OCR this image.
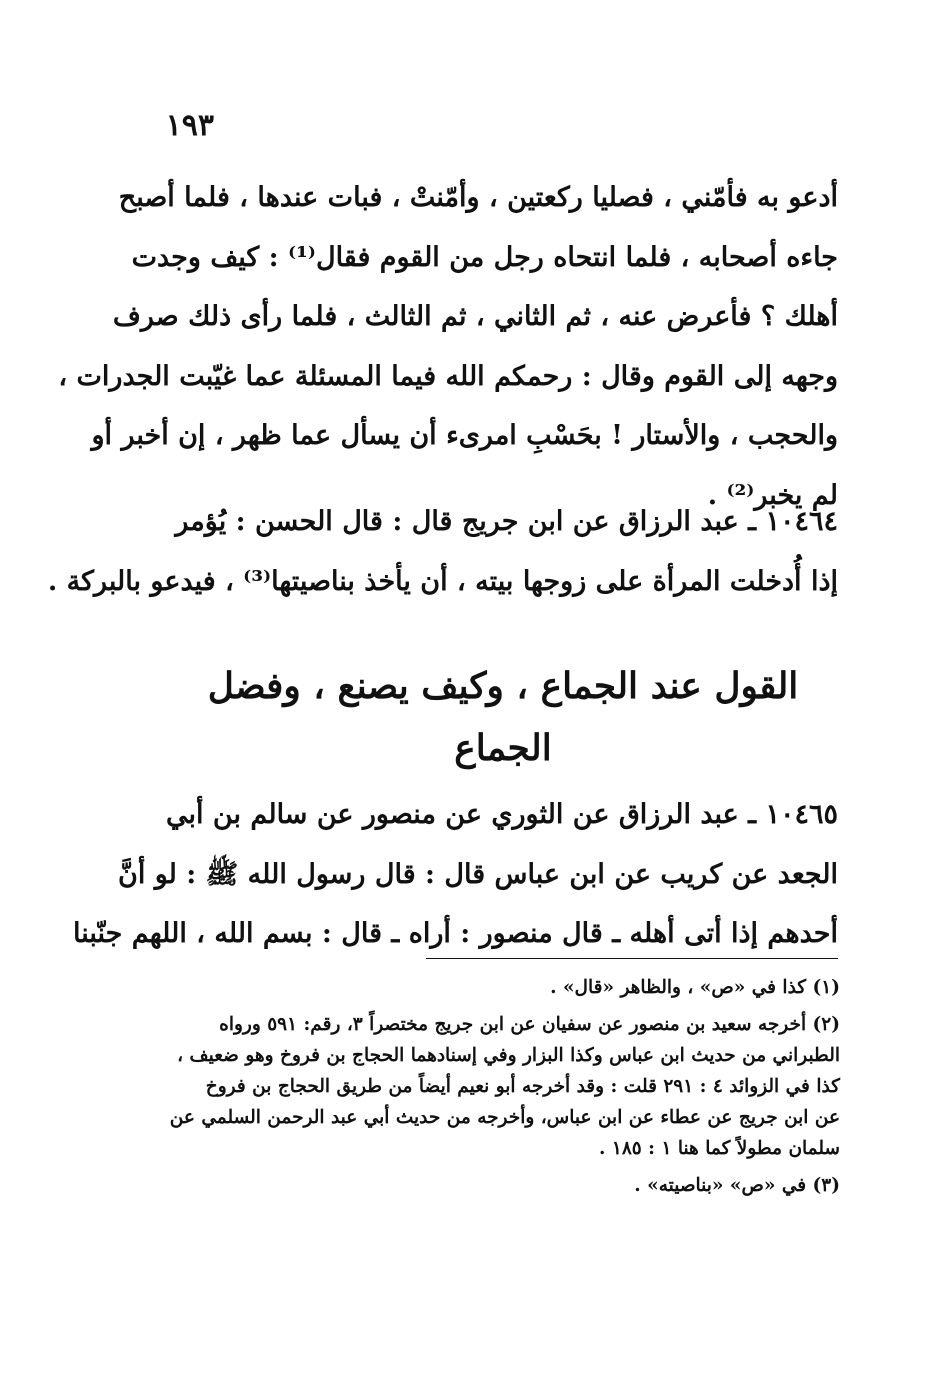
١٩٣
أدعو به فأمّني ، فصليا ركعتين ، وأمّنتْ ، فبات عندها ، فلما أصبح
جاءه أصحابه ، فلما انتحاه رجل من القوم فقال⁽¹⁾ : كيف وجدت
أهلك ؟ فأعرض عنه ، ثم الثاني ، ثم الثالث ، فلما رأى ذلك صرف
وجهه إلى القوم وقال : رحمكم الله فيما المسئلة عما غيّبت الجدرات ،
والحجب ، والأستار ! بحَسْبِ امرىء أن يسأل عما ظهر ، إن أخبر أو
لم يخبر⁽²⁾ .
١٠٤٦٤ ـ عبد الرزاق عن ابن جريج قال : قال الحسن : يُؤمر
إذا أُدخلت المرأة على زوجها بيته ، أن يأخذ بناصيتها⁽³⁾ ، فيدعو بالبركة .
القول عند الجماع ، وكيف يصنع ، وفضل
الجماع
١٠٤٦٥ ـ عبد الرزاق عن الثوري عن منصور عن سالم بن أبي
الجعد عن كريب عن ابن عباس قال : قال رسول الله ﷺ : لو أنَّ
أحدهم إذا أتى أهله ـ قال منصور : أراه ـ قال : بسم الله ، اللهم جنّبنا
(١) كذا في «ص» ، والظاهر «قال» .
(٢) أخرجه سعيد بن منصور عن سفيان عن ابن جريج مختصراً ٣، رقم: ٥٩١ ورواه
الطبراني من حديث ابن عباس وكذا البزار وفي إسنادهما الحجاج بن فروخ وهو ضعيف ،
كذا في الزوائد ٤ : ٢٩١ قلت : وقد أخرجه أبو نعيم أيضاً من طريق الحجاج بن فروخ
عن ابن جريج عن عطاء عن ابن عباس، وأخرجه من حديث أبي عبد الرحمن السلمي عن
سلمان مطولاً كما هنا ١ : ١٨٥ .
(٣) في «ص» «بناصيته» .
